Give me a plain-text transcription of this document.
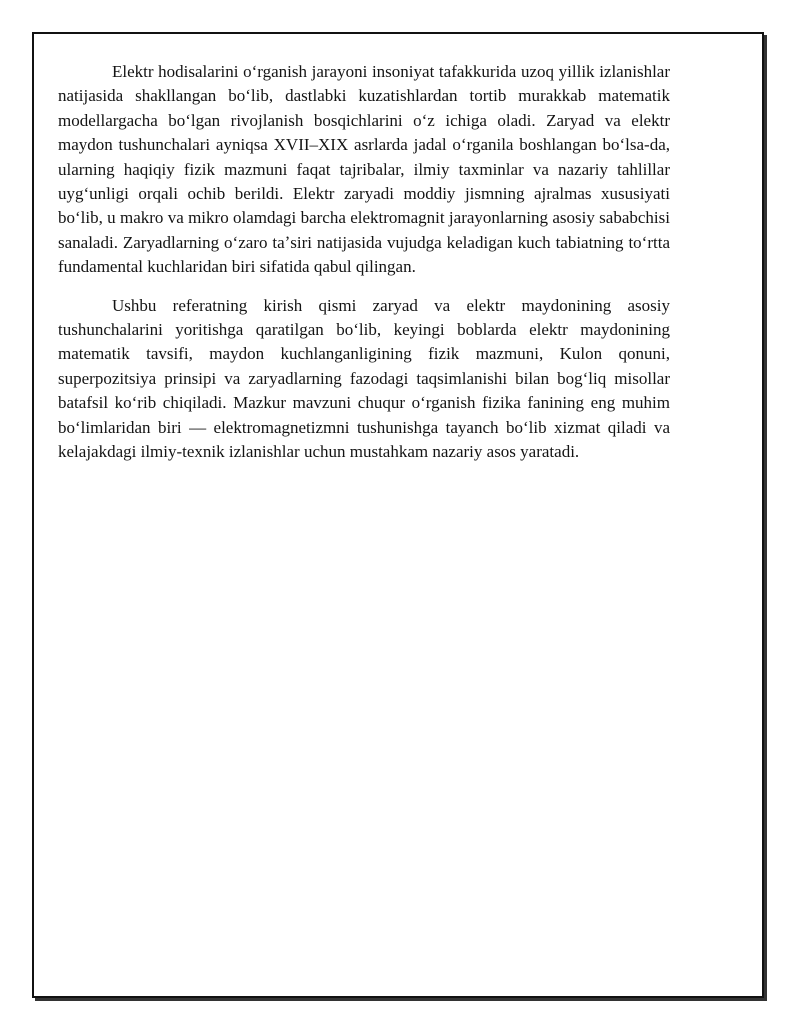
Elektr hodisalarini oʻrganish jarayoni insoniyat tafakkurida uzoq yillik izlanishlar natijasida shakllangan boʻlib, dastlabki kuzatishlardan tortib murakkab matematik modellargacha boʻlgan rivojlanish bosqichlarini oʻz ichiga oladi. Zaryad va elektr maydon tushunchalari ayniqsa XVII–XIX asrlarda jadal oʻrganila boshlangan boʻlsa-da, ularning haqiqiy fizik mazmuni faqat tajribalar, ilmiy taxminlar va nazariy tahlillar uygʻunligi orqali ochib berildi. Elektr zaryadi moddiy jismning ajralmas xususiyati boʻlib, u makro va mikro olamdagi barcha elektromagnit jarayonlarning asosiy sababchisi sanaladi. Zaryadlarning oʻzaro taʼsiri natijasida vujudga keladigan kuch tabiatning toʻrtta fundamental kuchlaridan biri sifatida qabul qilingan.

Ushbu referatning kirish qismi zaryad va elektr maydonining asosiy tushunchalarini yoritishga qaratilgan boʻlib, keyingi boblarda elektr maydonining matematik tavsifi, maydon kuchlanganligining fizik mazmuni, Kulon qonuni, superpozitsiya prinsipi va zaryadlarning fazodagi taqsimlanishi bilan bogʻliq misollar batafsil koʻrib chiqiladi. Mazkur mavzuni chuqur oʻrganish fizika fanining eng muhim boʻlimlaridan biri — elektromagnetizmni tushunishga tayanch boʻlib xizmat qiladi va kelajakdagi ilmiy-texnik izlanishlar uchun mustahkam nazariy asos yaratadi.
